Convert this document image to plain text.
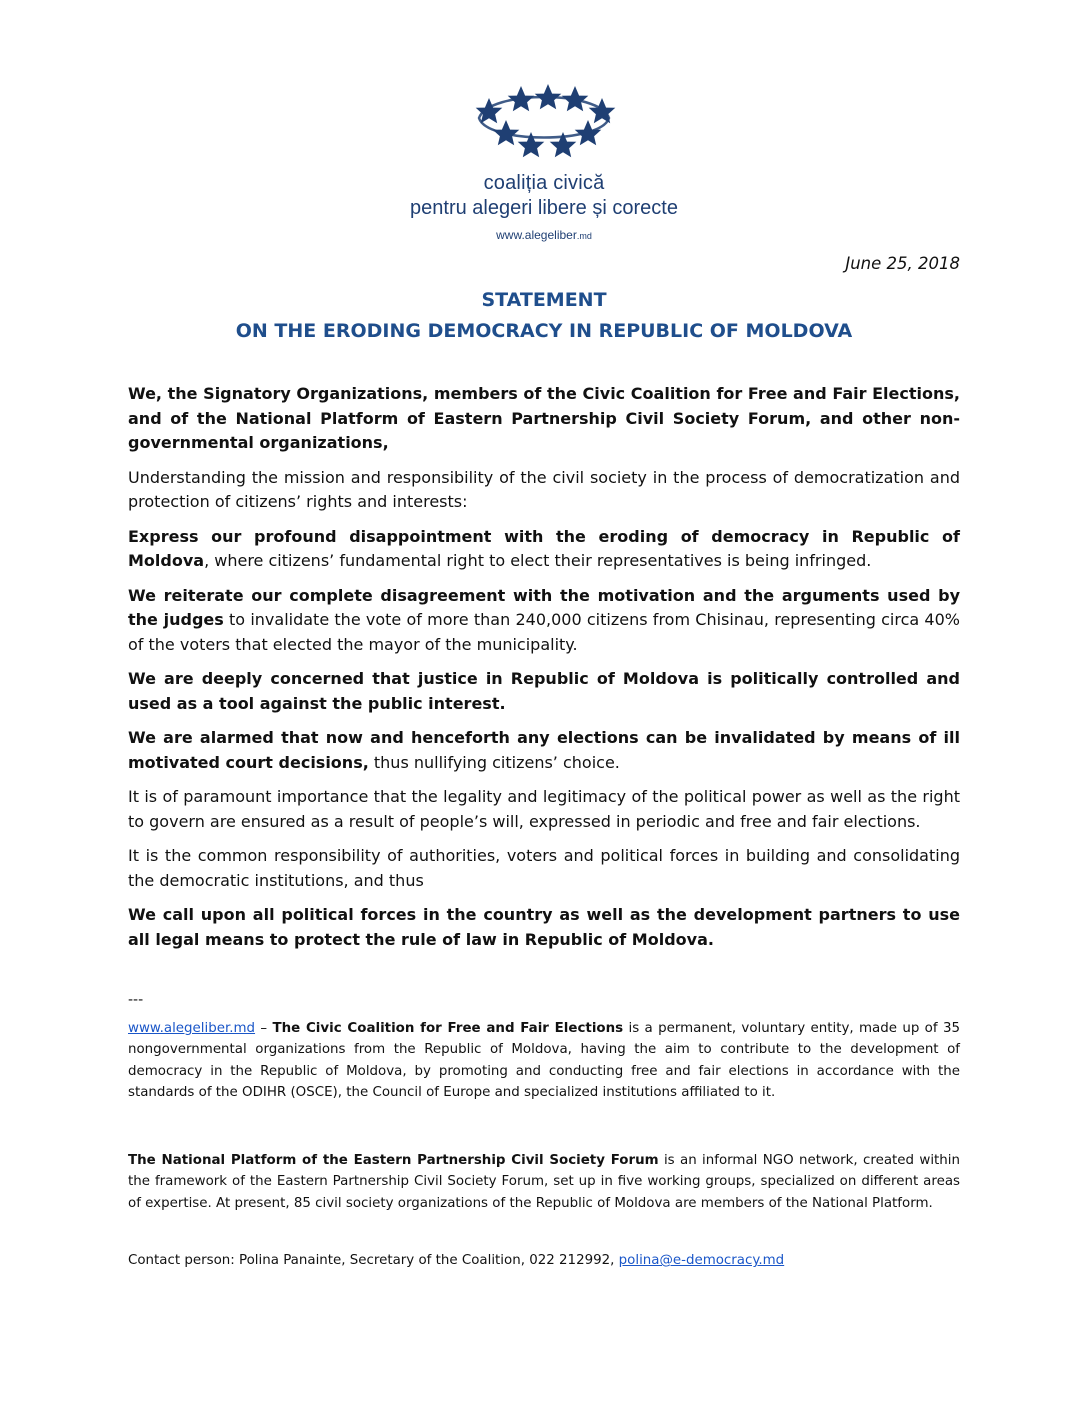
coaliția civică
pentru alegeri libere și corecte
www.alegeliber.md
June 25, 2018
STATEMENT
ON THE ERODING DEMOCRACY IN REPUBLIC OF MOLDOVA

We, the Signatory Organizations, members of the Civic Coalition for Free and Fair Elections, and of the National Platform of Eastern Partnership Civil Society Forum, and other non-governmental organizations,

Understanding the mission and responsibility of the civil society in the process of democratization and protection of citizens’ rights and interests:

Express our profound disappointment with the eroding of democracy in Republic of Moldova, where citizens’ fundamental right to elect their representatives is being infringed.

We reiterate our complete disagreement with the motivation and the arguments used by the judges to invalidate the vote of more than 240,000 citizens from Chisinau, representing circa 40% of the voters that elected the mayor of the municipality.

We are deeply concerned that justice in Republic of Moldova is politically controlled and used as a tool against the public interest.

We are alarmed that now and henceforth any elections can be invalidated by means of ill motivated court decisions, thus nullifying citizens’ choice.

It is of paramount importance that the legality and legitimacy of the political power as well as the right to govern are ensured as a result of people’s will, expressed in periodic and free and fair elections.

It is the common responsibility of authorities, voters and political forces in building and consolidating the democratic institutions, and thus

We call upon all political forces in the country as well as the development partners to use all legal means to protect the rule of law in Republic of Moldova.

---
www.alegeliber.md – The Civic Coalition for Free and Fair Elections is a permanent, voluntary entity, made up of 35 nongovernmental organizations from the Republic of Moldova, having the aim to contribute to the development of democracy in the Republic of Moldova, by promoting and conducting free and fair elections in accordance with the standards of the ODIHR (OSCE), the Council of Europe and specialized institutions affiliated to it.
The National Platform of the Eastern Partnership Civil Society Forum is an informal NGO network, created within the framework of the Eastern Partnership Civil Society Forum, set up in five working groups, specialized on different areas of expertise. At present, 85 civil society organizations of the Republic of Moldova are members of the National Platform.
Contact person: Polina Panainte, Secretary of the Coalition, 022 212992, polina@e-democracy.md
